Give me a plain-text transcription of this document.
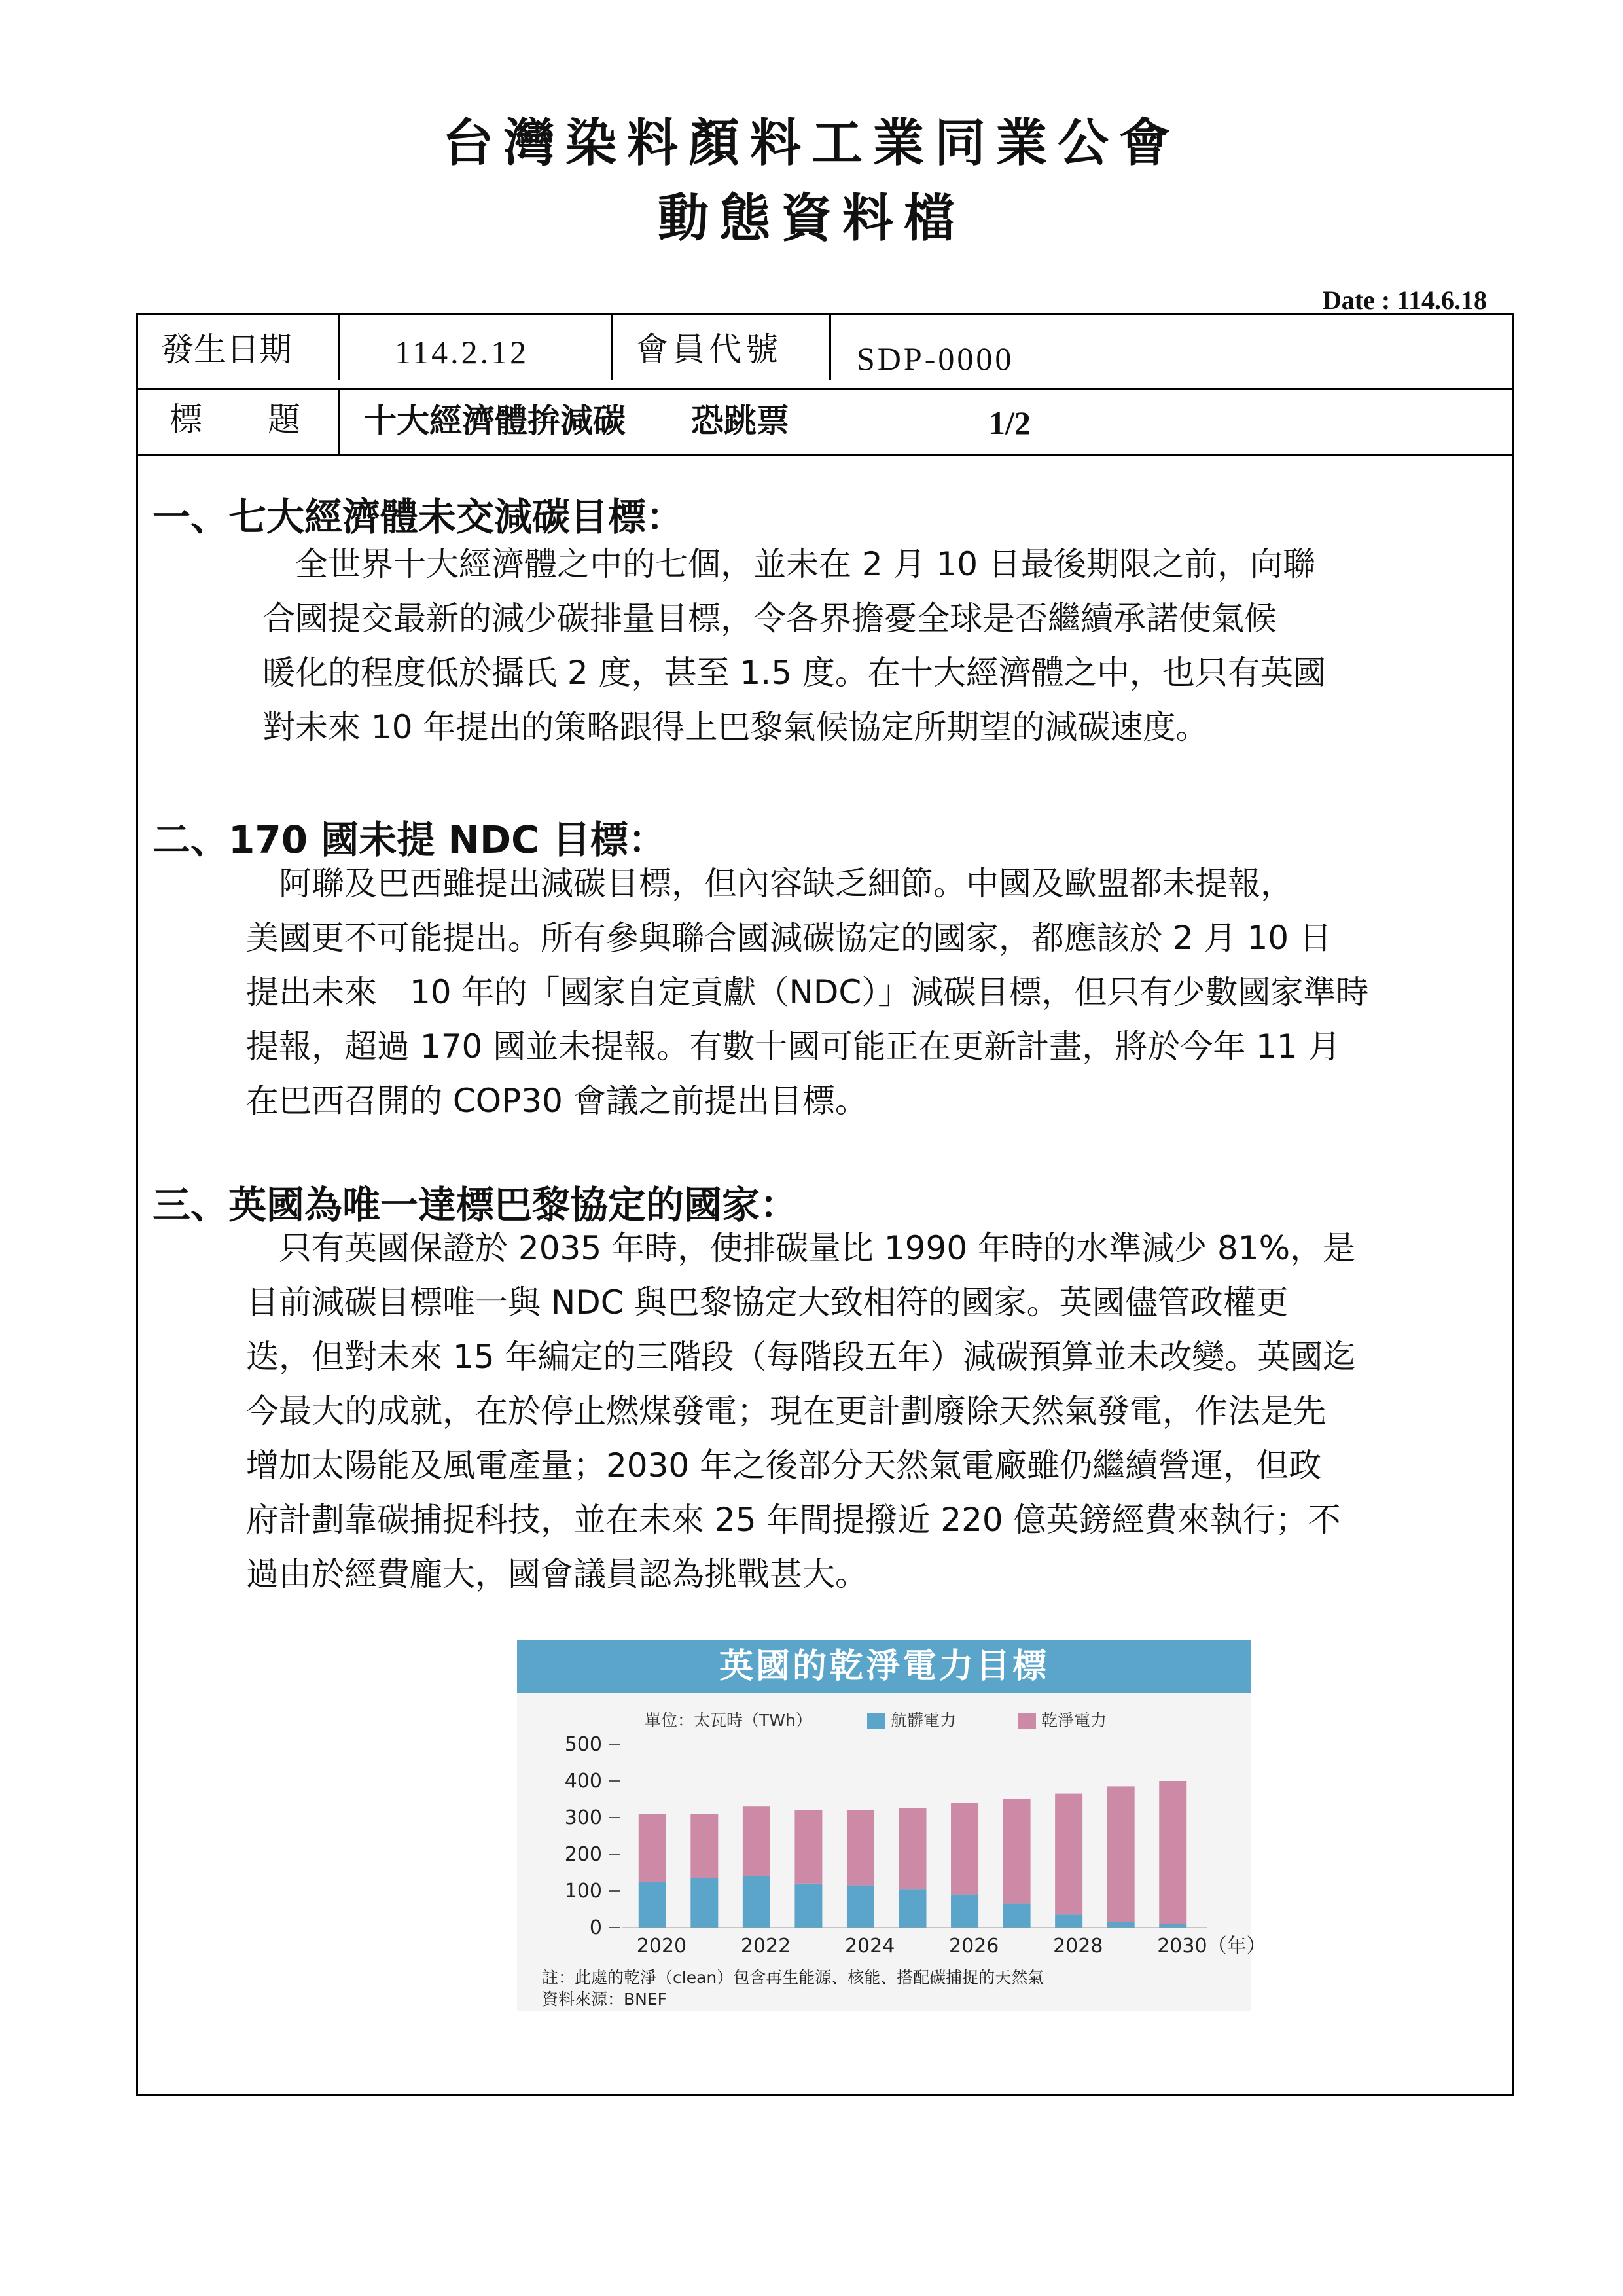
台灣染料顏料工業同業公會
動態資料檔
Date : 114.6.18
發生日期	114.2.12	會員代號 SDP-0000
標　　題 十大經濟體拚減碳　　恐跳票	1/2
一、七大經濟體未交減碳目標：
　全世界十大經濟體之中的七個，並未在 2 月 10 日最後期限之前，向聯
合國提交最新的減少碳排量目標，令各界擔憂全球是否繼續承諾使氣候
暖化的程度低於攝氏 2 度，甚至 1.5 度。在十大經濟體之中，也只有英國
對未來 10 年提出的策略跟得上巴黎氣候協定所期望的減碳速度。
二、170 國未提 NDC 目標：
　阿聯及巴西雖提出減碳目標，但內容缺乏細節。中國及歐盟都未提報，
美國更不可能提出。所有參與聯合國減碳協定的國家，都應該於 2 月 10 日
提出未來　10 年的「國家自定貢獻（NDC）」減碳目標，但只有少數國家準時
提報，超過 170 國並未提報。有數十國可能正在更新計畫，將於今年 11 月
在巴西召開的 COP30 會議之前提出目標。
三、英國為唯一達標巴黎協定的國家：
　只有英國保證於 2035 年時，使排碳量比 1990 年時的水準減少 81%，是
目前減碳目標唯一與 NDC 與巴黎協定大致相符的國家。英國儘管政權更
迭，但對未來 15 年編定的三階段（每階段五年）減碳預算並未改變。英國迄
今最大的成就，在於停止燃煤發電；現在更計劃廢除天然氣發電，作法是先
增加太陽能及風電產量；2030 年之後部分天然氣電廠雖仍繼續營運，但政
府計劃靠碳捕捉科技，並在未來 25 年間提撥近 220 億英鎊經費來執行；不
過由於經費龐大，國會議員認為挑戰甚大。
英國的乾淨電力目標
單位：太瓦時（TWh）	航髒電力	乾淨電力
0
100
200
300
400
500
2020	2022	2024	2026	2028	2030（年）
註：此處的乾淨（clean）包含再生能源、核能、搭配碳捕捉的天然氣
資料來源：BNEF
